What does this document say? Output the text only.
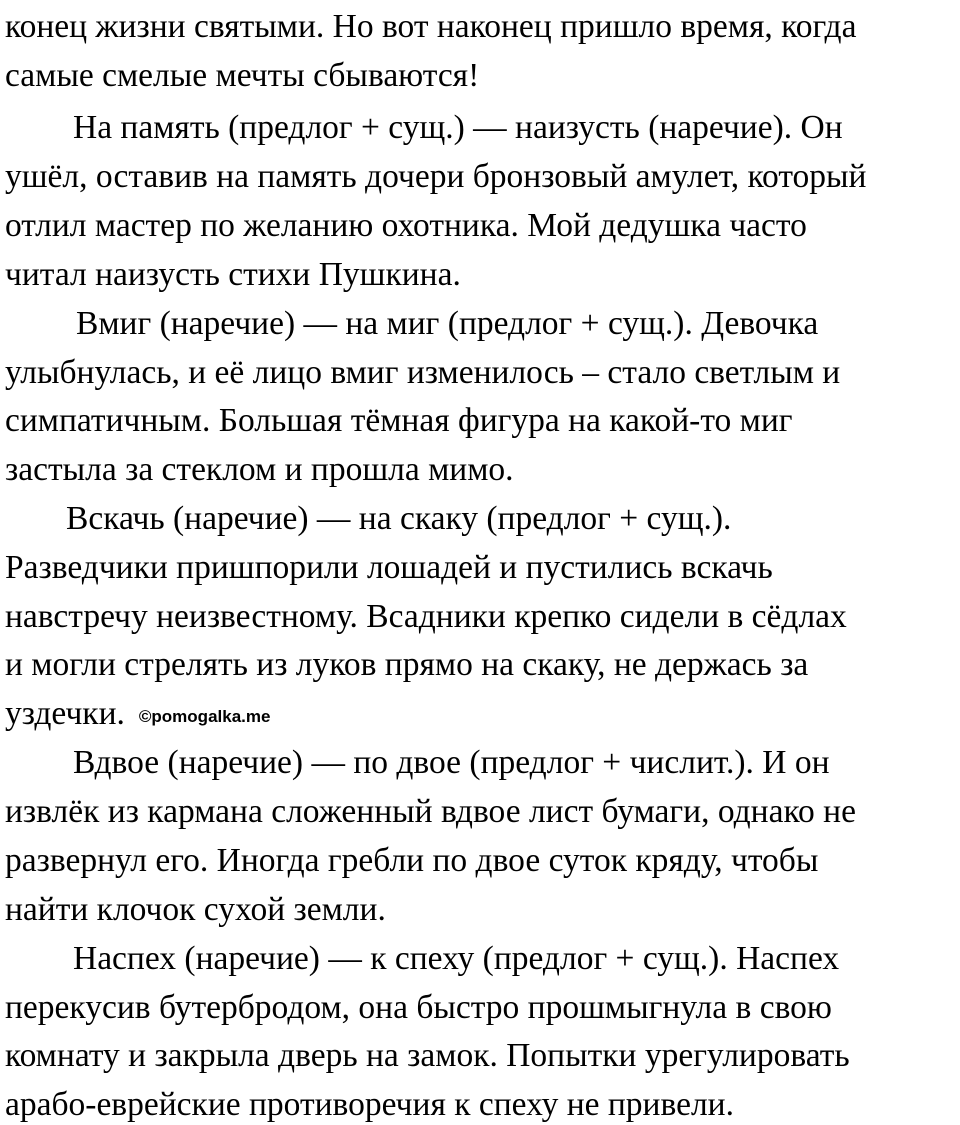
конец жизни святыми. Но вот наконец пришло время, когда
самые смелые мечты сбываются!
На память (предлог + сущ.) — наизусть (наречие). Он
ушёл, оставив на память дочери бронзовый амулет, который
отлил мастер по желанию охотника. Мой дедушка часто
читал наизусть стихи Пушкина.
Вмиг (наречие) — на миг (предлог + сущ.). Девочка
улыбнулась, и её лицо вмиг изменилось – стало светлым и
симпатичным. Большая тёмная фигура на какой-то миг
застыла за стеклом и прошла мимо.
Вскачь (наречие) — на скаку (предлог + сущ.).
Разведчики пришпорили лошадей и пустились вскачь
навстречу неизвестному. Всадники крепко сидели в сёдлах
и могли стрелять из луков прямо на скаку, не держась за
уздечки. ©pomogalka.me
Вдвое (наречие) — по двое (предлог + числит.). И он
извлёк из кармана сложенный вдвое лист бумаги, однако не
развернул его. Иногда гребли по двое суток кряду, чтобы
найти клочок сухой земли.
Наспех (наречие) — к спеху (предлог + сущ.). Наспех
перекусив бутербродом, она быстро прошмыгнула в свою
комнату и закрыла дверь на замок. Попытки урегулировать
арабо-еврейские противоречия к спеху не привели.
